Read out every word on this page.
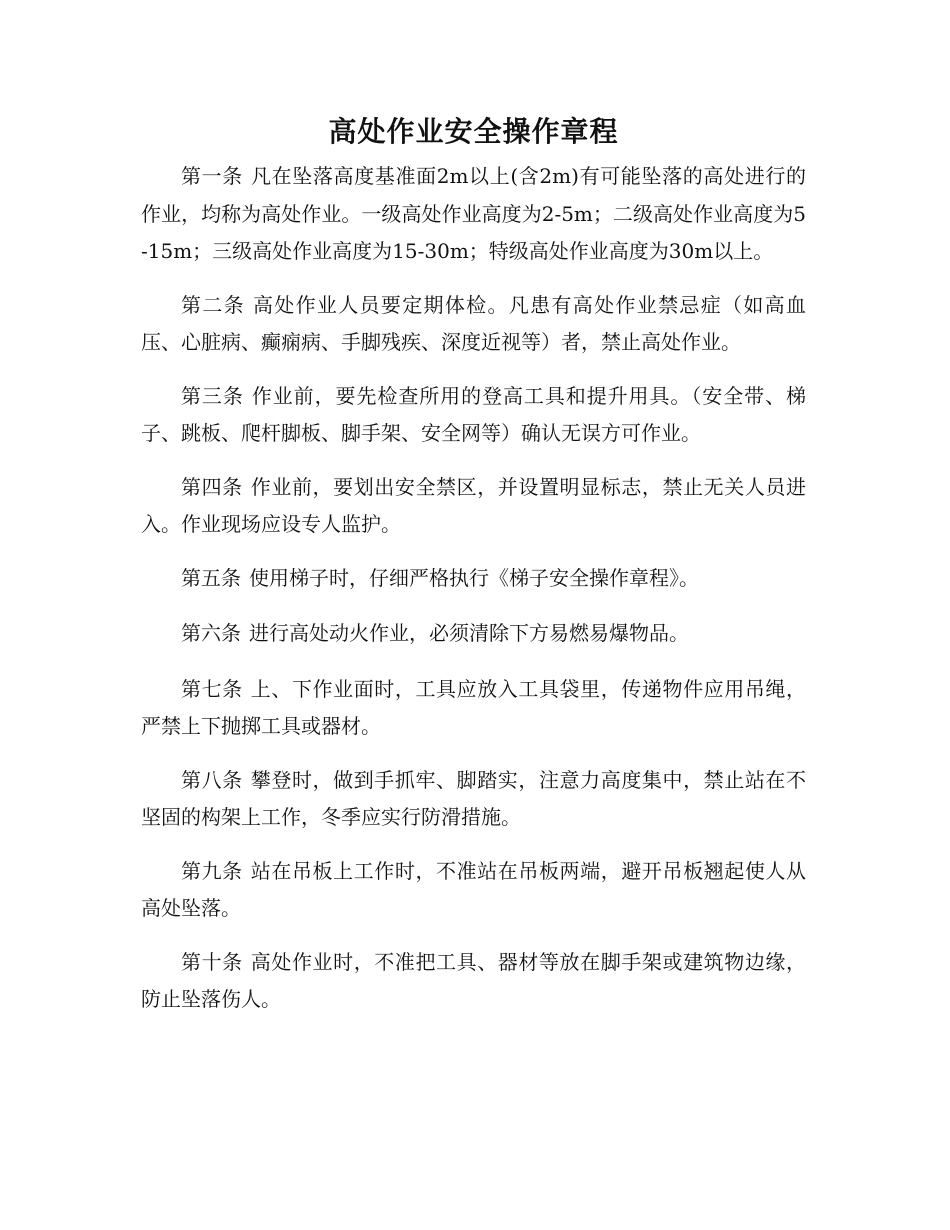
高处作业安全操作章程

第一条 凡在坠落高度基准面2m以上(含2m)有可能坠落的高处进行的作业，均称为高处作业。一级高处作业高度为2-5m；二级高处作业高度为5-15m；三级高处作业高度为15-30m；特级高处作业高度为30m以上。

第二条 高处作业人员要定期体检。凡患有高处作业禁忌症（如高血压、心脏病、癫痫病、手脚残疾、深度近视等）者，禁止高处作业。

第三条 作业前，要先检查所用的登高工具和提升用具。（安全带、梯子、跳板、爬杆脚板、脚手架、安全网等）确认无误方可作业。

第四条 作业前，要划出安全禁区，并设置明显标志，禁止无关人员进入。作业现场应设专人监护。

第五条 使用梯子时，仔细严格执行《梯子安全操作章程》。

第六条 进行高处动火作业，必须清除下方易燃易爆物品。

第七条 上、下作业面时，工具应放入工具袋里，传递物件应用吊绳，严禁上下抛掷工具或器材。

第八条 攀登时，做到手抓牢、脚踏实，注意力高度集中，禁止站在不坚固的构架上工作，冬季应实行防滑措施。

第九条 站在吊板上工作时，不准站在吊板两端，避开吊板翘起使人从高处坠落。

第十条 高处作业时，不准把工具、器材等放在脚手架或建筑物边缘，防止坠落伤人。
